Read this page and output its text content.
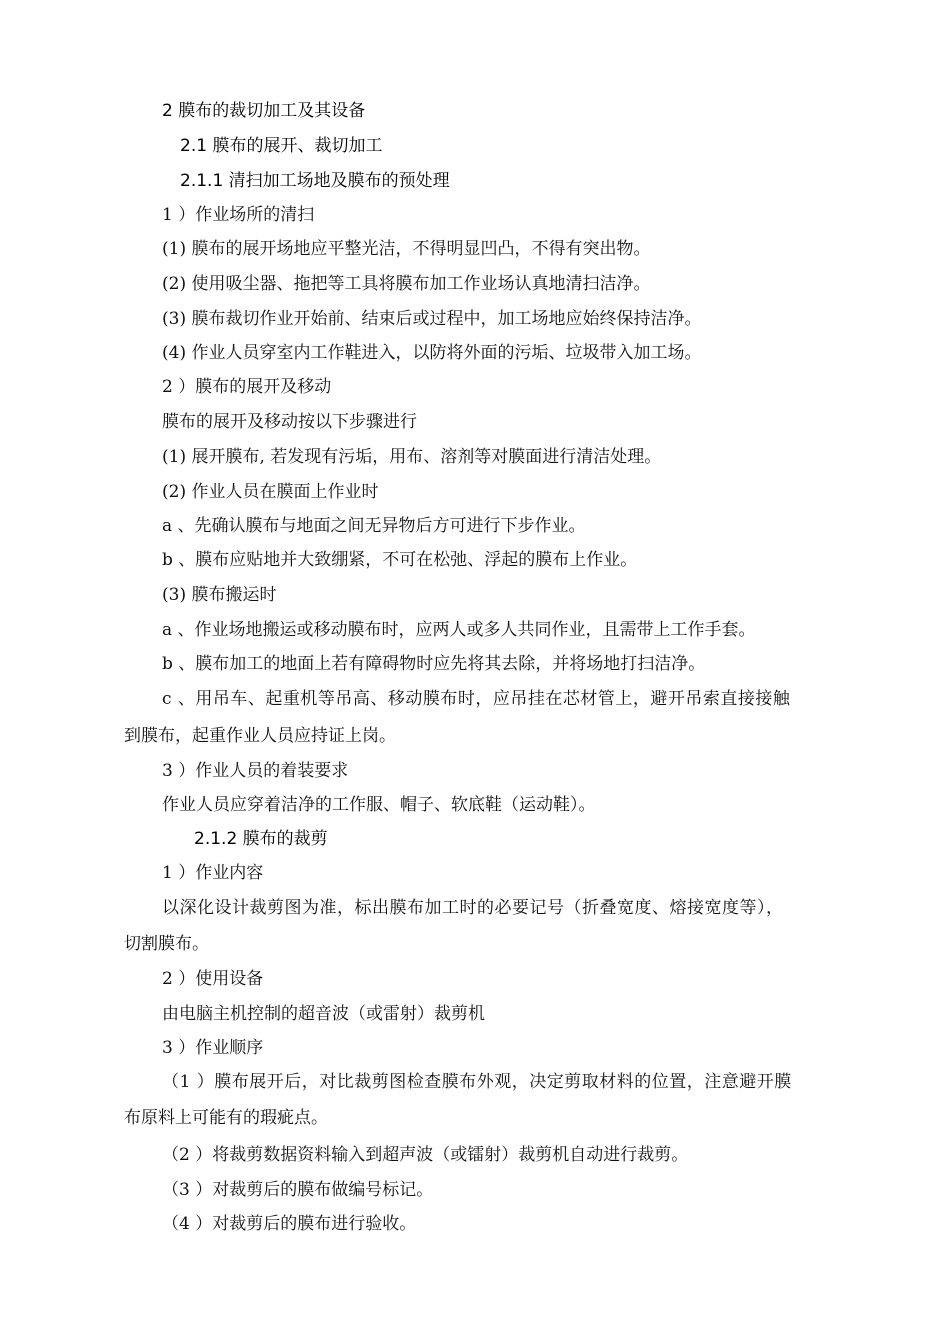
2 膜布的裁切加工及其设备

2.1 膜布的展开、裁切加工

2.1.1 清扫加工场地及膜布的预处理

1 ）作业场所的清扫

(1) 膜布的展开场地应平整光洁，不得明显凹凸，不得有突出物。

(2) 使用吸尘器、拖把等工具将膜布加工作业场认真地清扫洁净。

(3) 膜布裁切作业开始前、结束后或过程中，加工场地应始终保持洁净。

(4) 作业人员穿室内工作鞋进入，以防将外面的污垢、垃圾带入加工场。

2 ）膜布的展开及移动

膜布的展开及移动按以下步骤进行

(1) 展开膜布, 若发现有污垢，用布、溶剂等对膜面进行清洁处理。

(2) 作业人员在膜面上作业时

a 、先确认膜布与地面之间无异物后方可进行下步作业。

b 、膜布应贴地并大致绷紧，不可在松弛、浮起的膜布上作业。

(3) 膜布搬运时

a 、作业场地搬运或移动膜布时，应两人或多人共同作业，且需带上工作手套。

b 、膜布加工的地面上若有障碍物时应先将其去除，并将场地打扫洁净。

c 、用吊车、起重机等吊高、移动膜布时，应吊挂在芯材管上，避开吊索直接接触

到膜布，起重作业人员应持证上岗。

3 ）作业人员的着装要求

作业人员应穿着洁净的工作服、帽子、软底鞋（运动鞋）。

2.1.2 膜布的裁剪

1 ）作业内容

以深化设计裁剪图为准，标出膜布加工时的必要记号（折叠宽度、熔接宽度等），

切割膜布。

2 ）使用设备

由电脑主机控制的超音波（或雷射）裁剪机

3 ）作业顺序

（1 ）膜布展开后，对比裁剪图检查膜布外观，决定剪取材料的位置，注意避开膜

布原料上可能有的瑕疵点。

（2 ）将裁剪数据资料输入到超声波（或镭射）裁剪机自动进行裁剪。

（3 ）对裁剪后的膜布做编号标记。

（4 ）对裁剪后的膜布进行验收。
